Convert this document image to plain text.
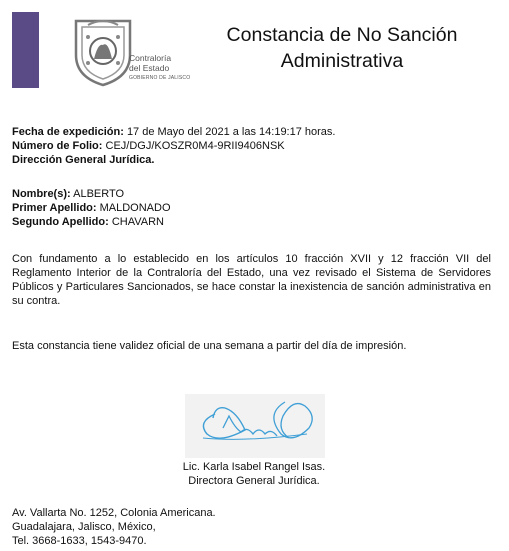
Contraloría
del Estado
GOBIERNO DE JALISCO
Constancia de No Sanción
Administrativa
Fecha de expedición: 17 de Mayo del 2021 a las 14:19:17 horas.
Número de Folio: CEJ/DGJ/KOSZR0M4-9RII9406NSK
Dirección General Jurídica.
Nombre(s): ALBERTO
Primer Apellido: MALDONADO
Segundo Apellido: CHAVARN
Con fundamento a lo establecido en los artículos 10 fracción XVII y 12 fracción VII del Reglamento Interior de la Contraloría del Estado, una vez revisado el Sistema de Servidores Públicos y Particulares Sancionados, se hace constar la inexistencia de sanción administrativa en su contra.
Esta constancia tiene validez oficial de una semana a partir del día de impresión.
Lic. Karla Isabel Rangel Isas.
Directora General Jurídica.
Av. Vallarta No. 1252, Colonia Americana.
Guadalajara, Jalisco, México,
Tel. 3668-1633, 1543-9470.
